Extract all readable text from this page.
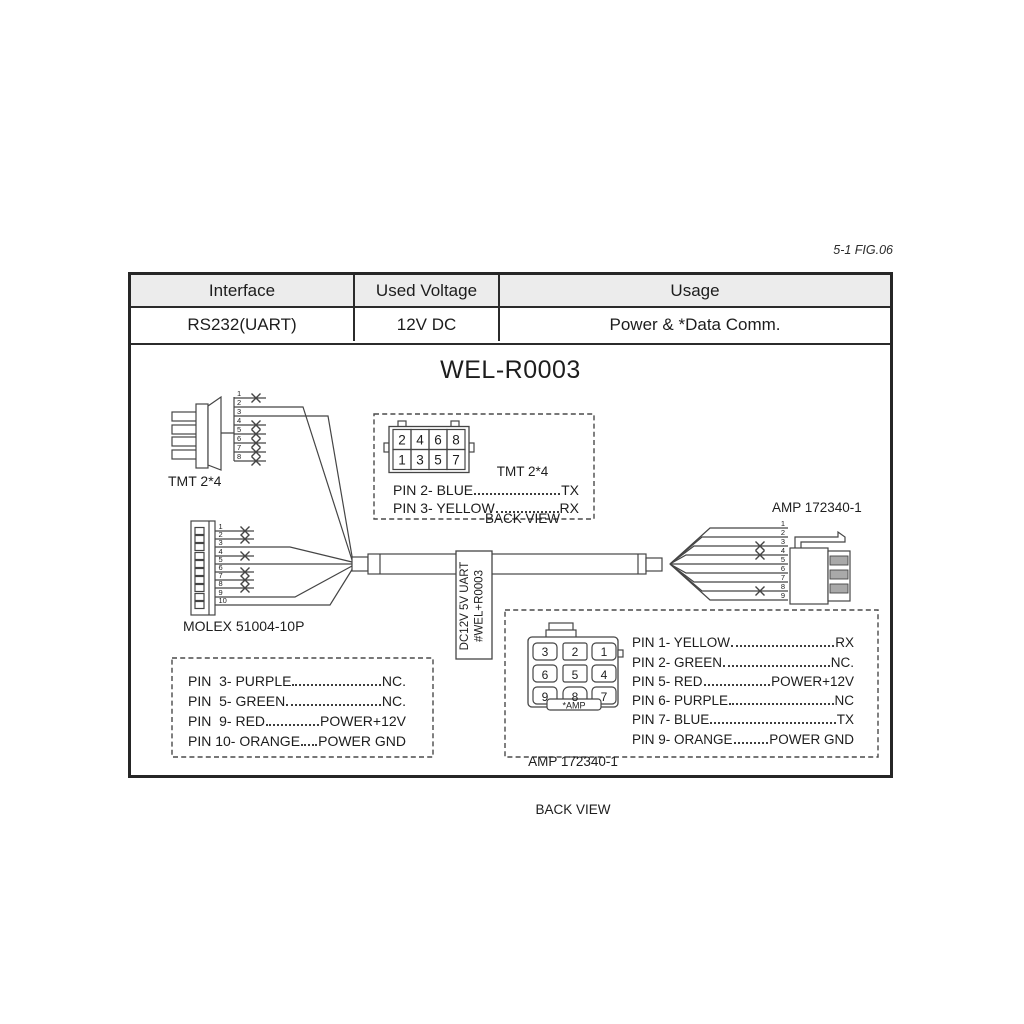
5-1 FIG.06
Interface	Used Voltage	Usage
RS232(UART)	12V DC	Power & *Data Comm.
WEL-R0003
1
2
3
4
5
6
7
8
1
2
3
4
5
6
7
8
9
10	DC12V 5V UART #WEL+R0003
1
2
3
4
5
6
7
8
9
2 4 6 8
1 3 5 7
3 2 1
6 5 4
9 8 7
*AMP
TMT 2*4
MOLEX 51004-10P
AMP 172340-1

TMT 2*4

BACK VIEW

PIN 2- BLUE	TX
PIN 3- YELLOW	RX
PIN  3- PURPLE	NC.
PIN  5- GREEN	NC.
PIN  9- RED	POWER+12V
PIN 10- ORANGE POWER GND

AMP 172340-1

BACK VIEW

PIN 1- YELLOW	RX
PIN 2- GREEN	NC.
PIN 5- RED	POWER+12V
PIN 6- PURPLE	NC
PIN 7- BLUE	TX
PIN 9- ORANGE	POWER GND
